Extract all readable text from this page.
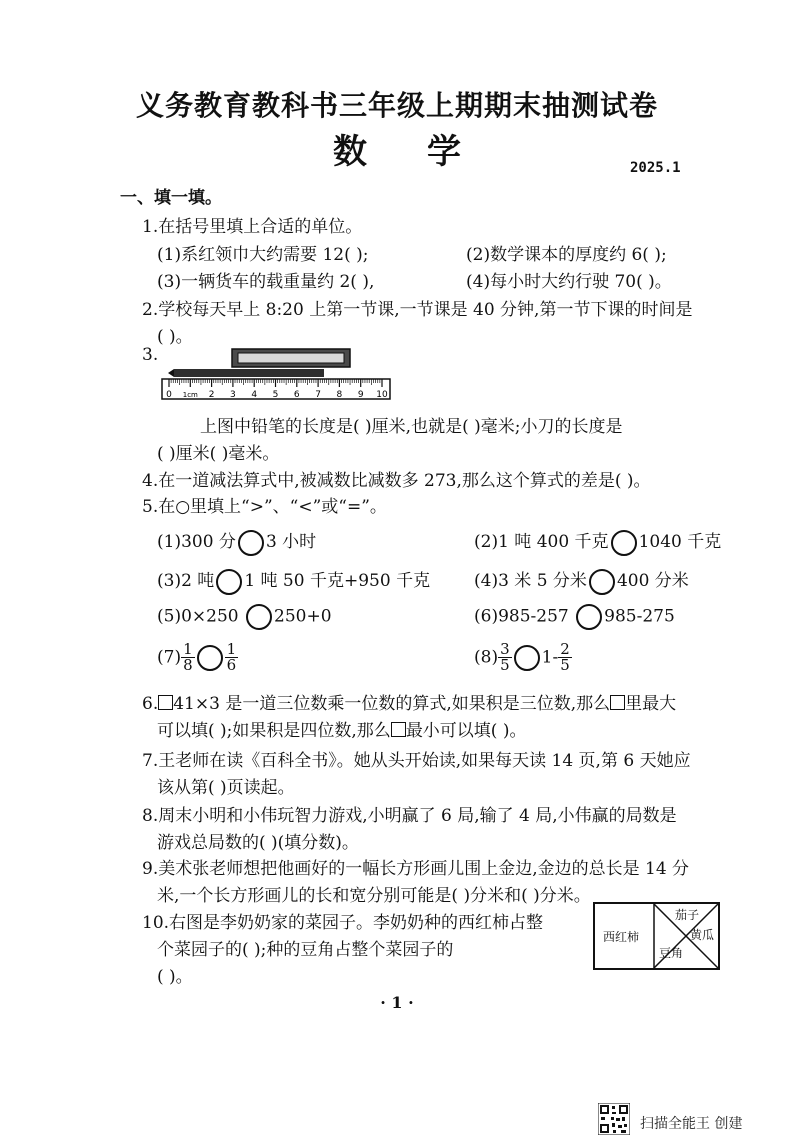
义务教育教科书三年级上期期末抽测试卷
数学	2025.1
一、填一填。
1.在括号里填上合适的单位。
(1)系红领巾大约需要 12( );	(2)数学课本的厚度约 6( );
(3)一辆货车的载重量约 2( ),	(4)每小时大约行驶 70( )。
2.学校每天早上 8:20 上第一节课,一节课是 40 分钟,第一节下课的时间是
( )。
3.
0 1cm 2 3 4 5 6 7 8 9 10
上图中铅笔的长度是( )厘米,也就是( )毫米;小刀的长度是
( )厘米( )毫米。
4.在一道减法算式中,被减数比减数多 273,那么这个算式的差是( )。
5.在○里填上“>”、“<”或“=”。
(1)300 分 3 小时	(2)1 吨 400 千克 1040 千克
(3)2 吨 1 吨 50 千克+950 千克	(4)3 米 5 分米 400 分米
(5)0×250 250+0	(6)985-257 985-275
$(7) \frac{1}{8} \frac{1}{6}$	$(8) \frac{3}{5} 1- \frac{2}{5}$
6. 41×3 是一道三位数乘一位数的算式,如果积是三位数,那么 里最大
可以填( );如果积是四位数,那么 最小可以填( )。
7.王老师在读《百科全书》。她从头开始读,如果每天读 14 页,第 6 天她应
该从第( )页读起。
8.周末小明和小伟玩智力游戏,小明赢了 6 局,输了 4 局,小伟赢的局数是
游戏总局数的( )(填分数)。
9.美术张老师想把他画好的一幅长方形画儿围上金边,金边的总长是 14 分
米,一个长方形画儿的长和宽分别可能是( )分米和( )分米。
10.右图是李奶奶家的菜园子。李奶奶种的西红柿占整
个菜园子的( );种的豆角占整个菜园子的
( )。
西红柿
茄子
黄瓜
豆角
· 1 ·
扫描全能王 创建
